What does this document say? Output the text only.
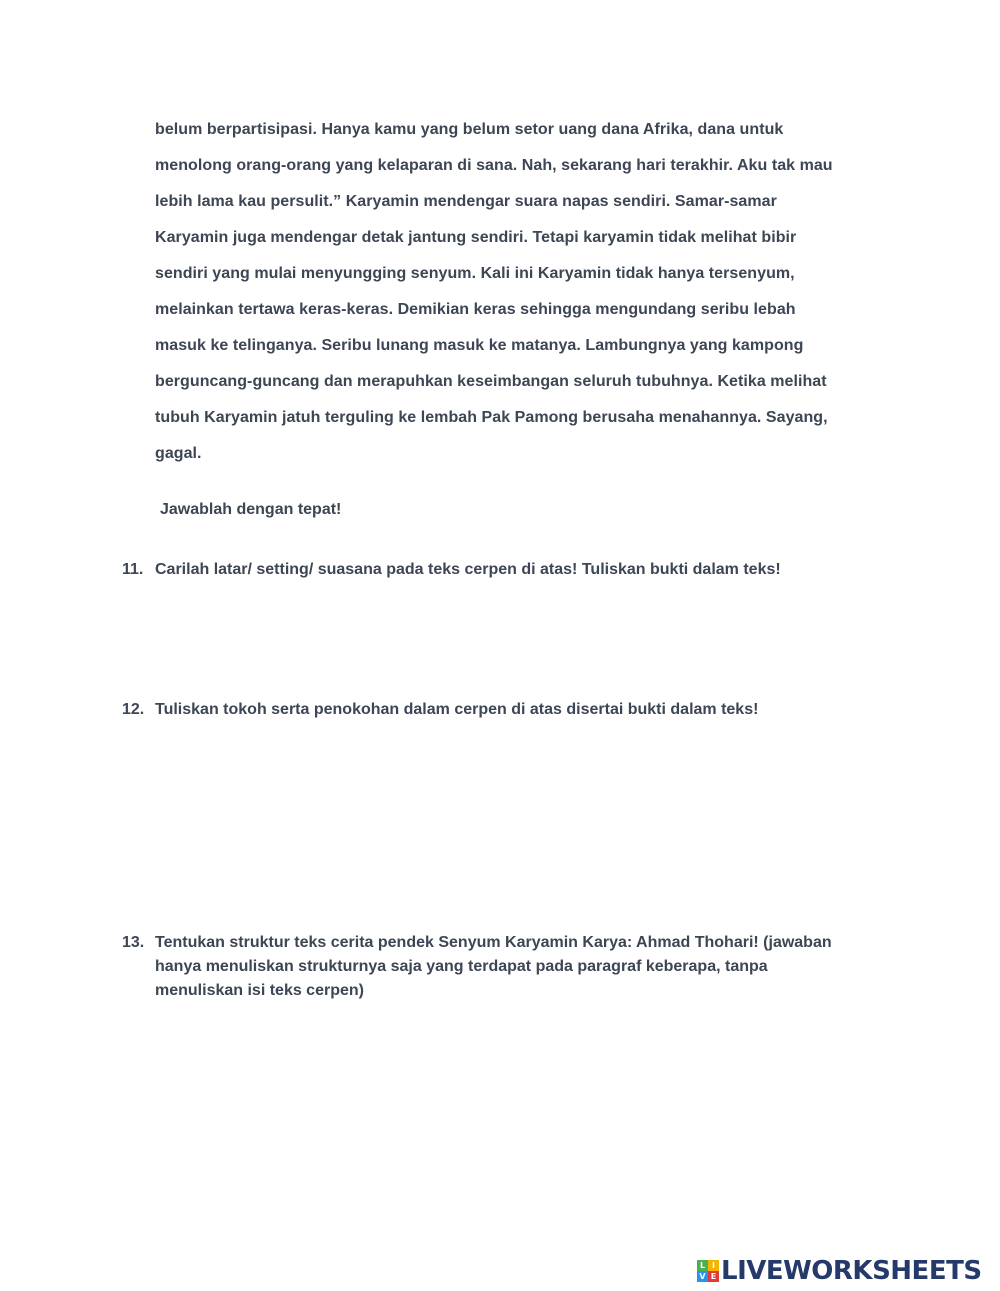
belum berpartisipasi. Hanya kamu yang belum setor uang dana Afrika, dana untuk
menolong orang-orang yang kelaparan di sana. Nah, sekarang hari terakhir. Aku tak mau
lebih lama kau persulit.” Karyamin mendengar suara napas sendiri. Samar-samar
Karyamin juga mendengar detak jantung sendiri. Tetapi karyamin tidak melihat bibir
sendiri yang mulai menyungging senyum. Kali ini Karyamin tidak hanya tersenyum,
melainkan tertawa keras-keras. Demikian keras sehingga mengundang seribu lebah
masuk ke telinganya. Seribu lunang masuk ke matanya. Lambungnya yang kampong
berguncang-guncang dan merapuhkan keseimbangan seluruh tubuhnya. Ketika melihat
tubuh Karyamin jatuh terguling ke lembah Pak Pamong berusaha menahannya. Sayang,
gagal.
Jawablah dengan tepat!
11. Carilah latar/ setting/ suasana pada teks cerpen di atas! Tuliskan bukti dalam teks!
12. Tuliskan tokoh serta penokohan dalam cerpen di atas disertai bukti dalam teks!
13. Tentukan struktur teks cerita pendek Senyum Karyamin Karya: Ahmad Thohari! (jawaban
hanya menuliskan strukturnya saja yang terdapat pada paragraf keberapa, tanpa
menuliskan isi teks cerpen)
L I
V E LIVEWORKSHEETS
